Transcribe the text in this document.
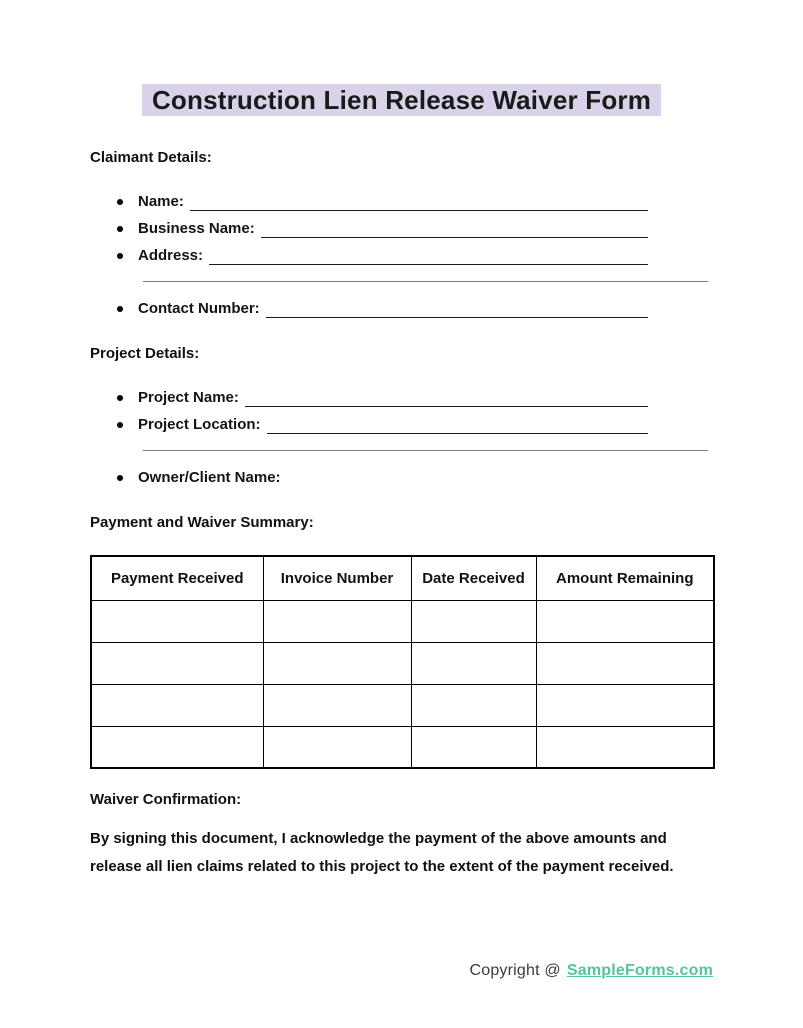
Construction Lien Release Waiver Form
Claimant Details:
Name:
Business Name:
Address:
Contact Number:
Project Details:
Project Name:
Project Location:
Owner/Client Name:
Payment and Waiver Summary:
Payment Received	Invoice Number	Date Received	Amount Remaining

Waiver Confirmation:
By signing this document, I acknowledge the payment of the above amounts and release all lien claims related to this project to the extent of the payment received.
Copyright @ SampleForms.com
